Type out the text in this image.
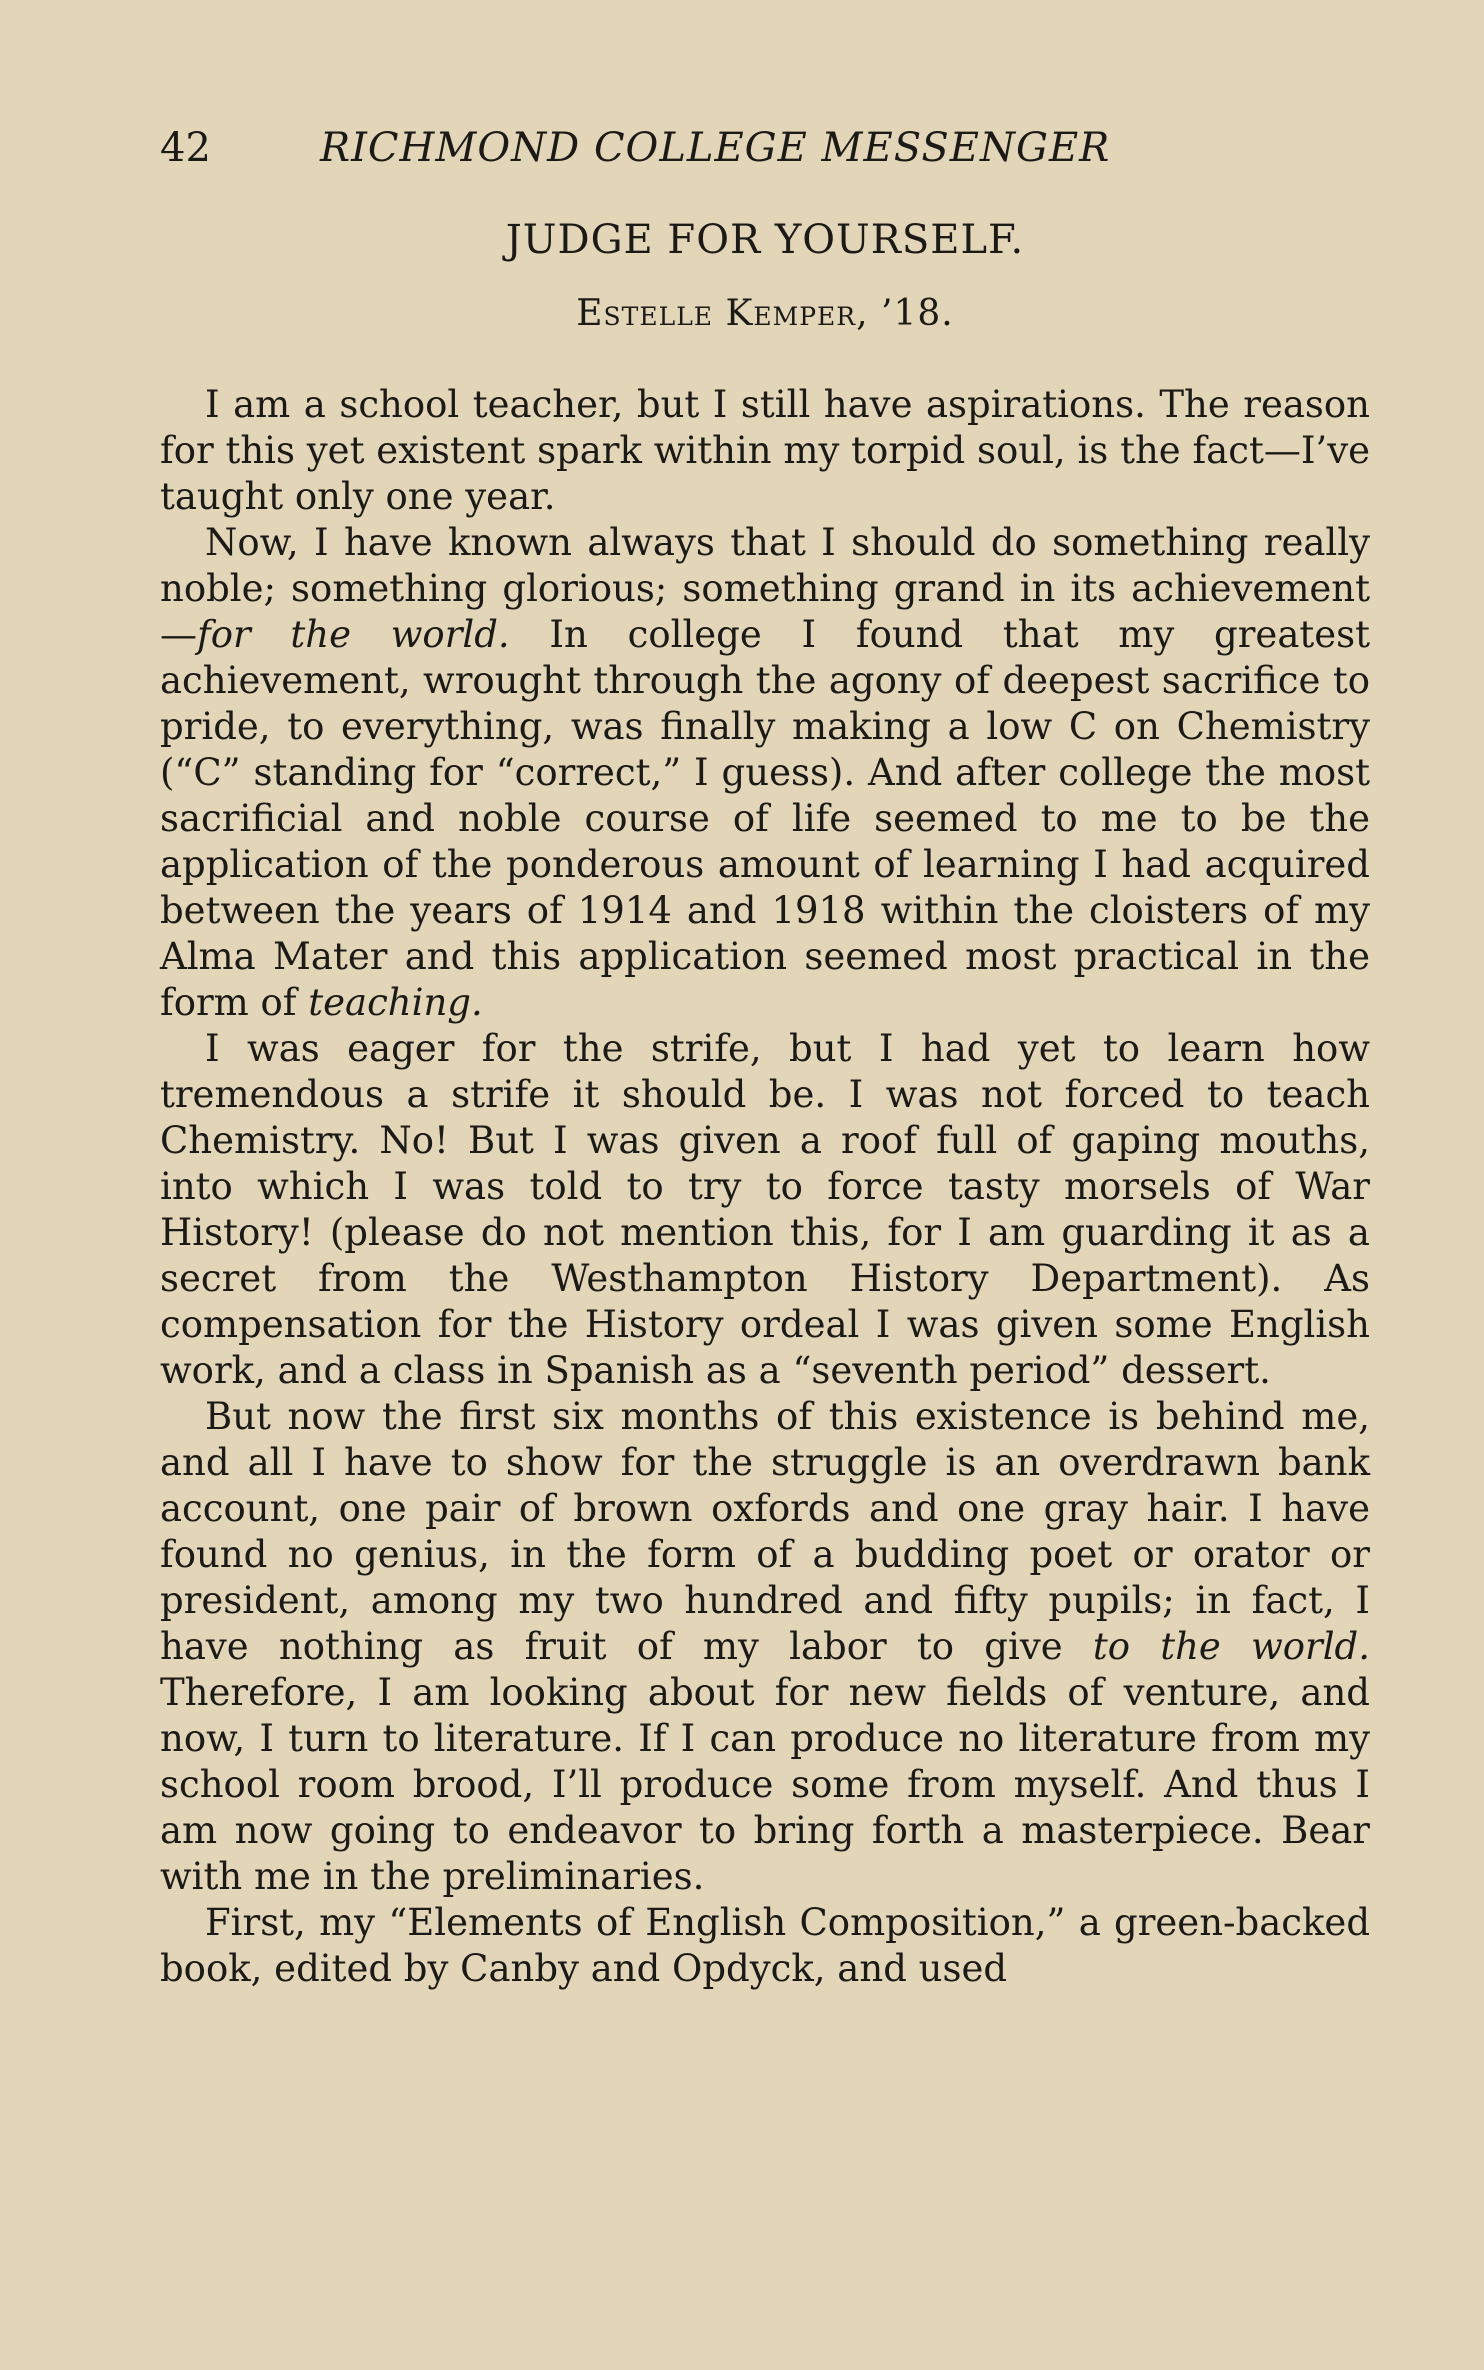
42	RICHMOND COLLEGE MESSENGER
JUDGE FOR YOURSELF.
Estelle Kemper, ’18.

I am a school teacher, but I still have aspirations. The reason for this yet existent spark within my torpid soul, is the fact—I’ve taught only one year.

Now, I have known always that I should do something really noble; something glorious; something grand in its achievement—for the world. In college I found that my greatest achievement, wrought through the agony of deepest sacrifice to pride, to everything, was finally making a low C on Chemistry (“C” standing for “correct,” I guess). And after college the most sacrificial and noble course of life seemed to me to be the application of the ponderous amount of learning I had acquired between the years of 1914 and 1918 within the cloisters of my Alma Mater and this application seemed most practical in the form of teaching.

I was eager for the strife, but I had yet to learn how tremendous a strife it should be. I was not forced to teach Chemistry. No! But I was given a roof full of gaping mouths, into which I was told to try to force tasty morsels of War History! (please do not mention this, for I am guarding it as a secret from the Westhampton History Department). As compensation for the History ordeal I was given some English work, and a class in Spanish as a “seventh period” dessert.

But now the first six months of this existence is behind me, and all I have to show for the struggle is an overdrawn bank account, one pair of brown oxfords and one gray hair. I have found no genius, in the form of a budding poet or orator or president, among my two hundred and fifty pupils; in fact, I have nothing as fruit of my labor to give to the world. Therefore, I am looking about for new fields of venture, and now, I turn to literature. If I can produce no literature from my school room brood, I’ll produce some from myself. And thus I am now going to endeavor to bring forth a masterpiece. Bear with me in the preliminaries.

First, my “Elements of English Composition,” a green-backed book, edited by Canby and Opdyck, and used
